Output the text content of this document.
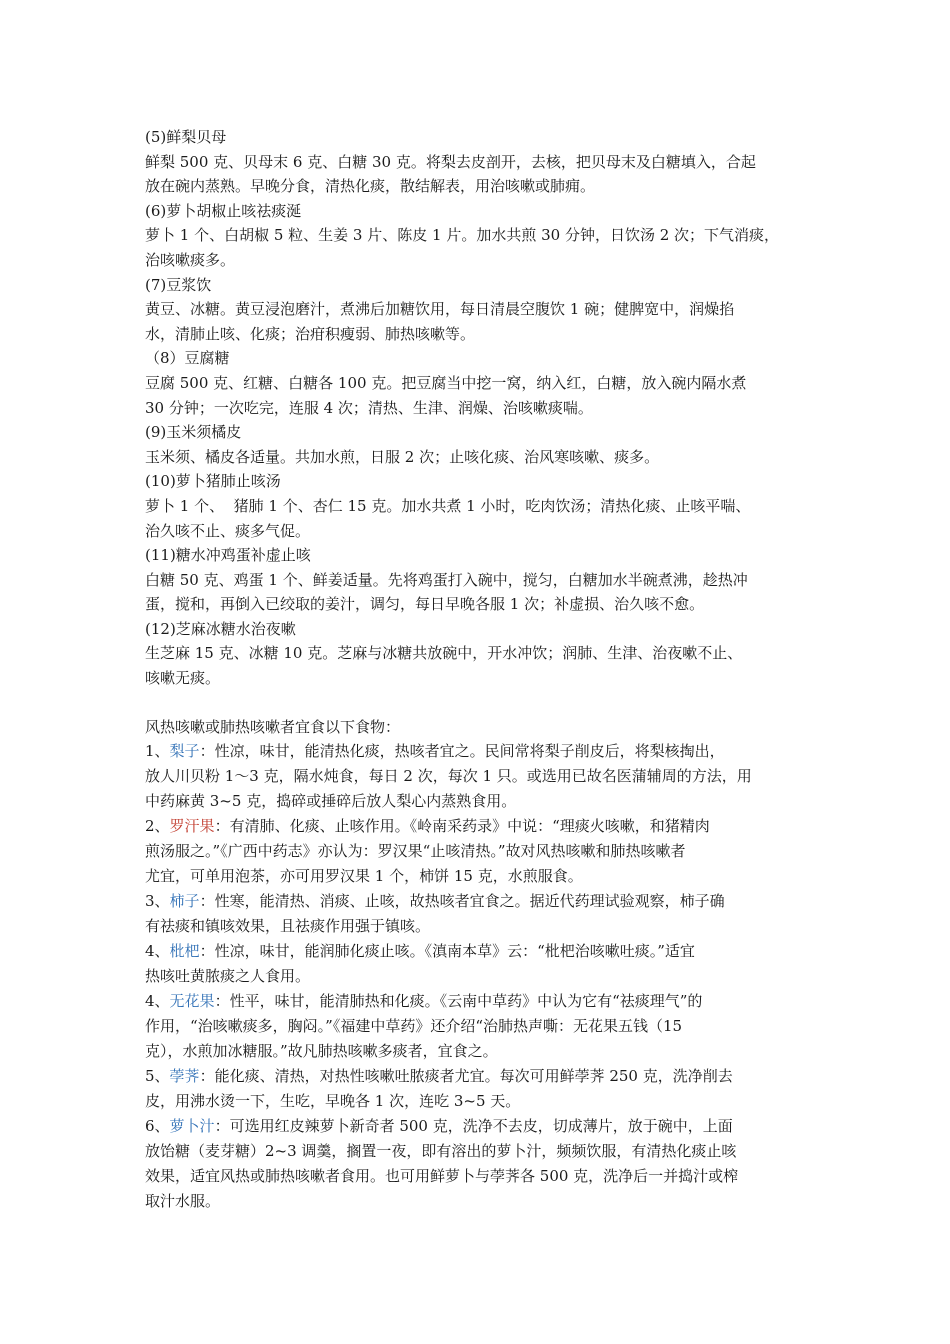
(5)鲜梨贝母
鲜梨 500 克、贝母末 6 克、白糖 30 克。将梨去皮剖开，去核，把贝母末及白糖填入，合起
放在碗内蒸熟。早晚分食，清热化痰，散结解表，用治咳嗽或肺痈。
(6)萝卜胡椒止咳祛痰涎
萝卜 1 个、白胡椒 5 粒、生姜 3 片、陈皮 1 片。加水共煎 30 分钟，日饮汤 2 次；下气消痰，
治咳嗽痰多。
(7)豆浆饮
黄豆、冰糖。黄豆浸泡磨汁，煮沸后加糖饮用，每日清晨空腹饮 1 碗；健脾宽中，润燥掐
水，清肺止咳、化痰；治疳积瘦弱、肺热咳嗽等。
（8）豆腐糖
豆腐 500 克、红糖、白糖各 100 克。把豆腐当中挖一窝，纳入红，白糖，放入碗内隔水煮
30 分钟；一次吃完，连服 4 次；清热、生津、润燥、治咳嗽痰喘。
(9)玉米须橘皮
玉米须、橘皮各适量。共加水煎，日服 2 次；止咳化痰、治风寒咳嗽、痰多。
(10)萝卜猪肺止咳汤
萝卜 1 个、  猪肺 1 个、杏仁 15 克。加水共煮 1 小时，吃肉饮汤；清热化痰、止咳平喘、
治久咳不止、痰多气促。
(11)糖水冲鸡蛋补虚止咳
白糖 50 克、鸡蛋 1 个、鲜姜适量。先将鸡蛋打入碗中，搅匀，白糖加水半碗煮沸，趁热冲
蛋，搅和，再倒入已绞取的姜汁，调匀，每日早晚各服 1 次；补虚损、治久咳不愈。
(12)芝麻冰糖水治夜嗽
生芝麻 15 克、冰糖 10 克。芝麻与冰糖共放碗中，开水冲饮；润肺、生津、治夜嗽不止、
咳嗽无痰。
风热咳嗽或肺热咳嗽者宜食以下食物：
1、梨子：性凉，味甘，能清热化痰，热咳者宜之。民间常将梨子削皮后，将梨核掏出，
放人川贝粉 1～3 克，隔水炖食，每日 2 次，每次 1 只。或选用已故名医蒲辅周的方法，用
中药麻黄 3~5 克，捣碎或捶碎后放人梨心内蒸熟食用。
2、罗汗果：有清肺、化痰、止咳作用。《岭南采药录》中说：“理痰火咳嗽，和猪精肉
煎汤服之。”《广西中药志》亦认为：罗汉果“止咳清热。”故对风热咳嗽和肺热咳嗽者
尤宜，可单用泡茶，亦可用罗汉果 1 个，柿饼 15 克，水煎服食。
3、柿子：性寒，能清热、消痰、止咳，故热咳者宜食之。据近代药理试验观察，柿子确
有祛痰和镇咳效果，且祛痰作用强于镇咳。
4、枇杷：性凉，味甘，能润肺化痰止咳。《滇南本草》云：“枇杷治咳嗽吐痰。”适宜
热咳吐黄脓痰之人食用。
4、无花果：性平，味甘，能清肺热和化痰。《云南中草药》中认为它有“祛痰理气”的
作用，“治咳嗽痰多，胸闷。”《福建中草药》还介绍“治肺热声嘶：无花果五钱（15
克），水煎加冰糖服。”故凡肺热咳嗽多痰者，宜食之。
5、荸荠：能化痰、清热，对热性咳嗽吐脓痰者尤宜。每次可用鲜荸荠 250 克，洗净削去
皮，用沸水烫一下，生吃，早晚各 1 次，连吃 3~5 天。
6、萝卜汁：可选用红皮辣萝卜新奇者 500 克，洗净不去皮，切成薄片，放于碗中，上面
放饴糖（麦芽糖）2~3 调羹，搁置一夜，即有溶出的萝卜汁，频频饮服，有清热化痰止咳
效果，适宜风热或肺热咳嗽者食用。也可用鲜萝卜与荸荠各 500 克，洗净后一并捣汁或榨
取汁水服。
